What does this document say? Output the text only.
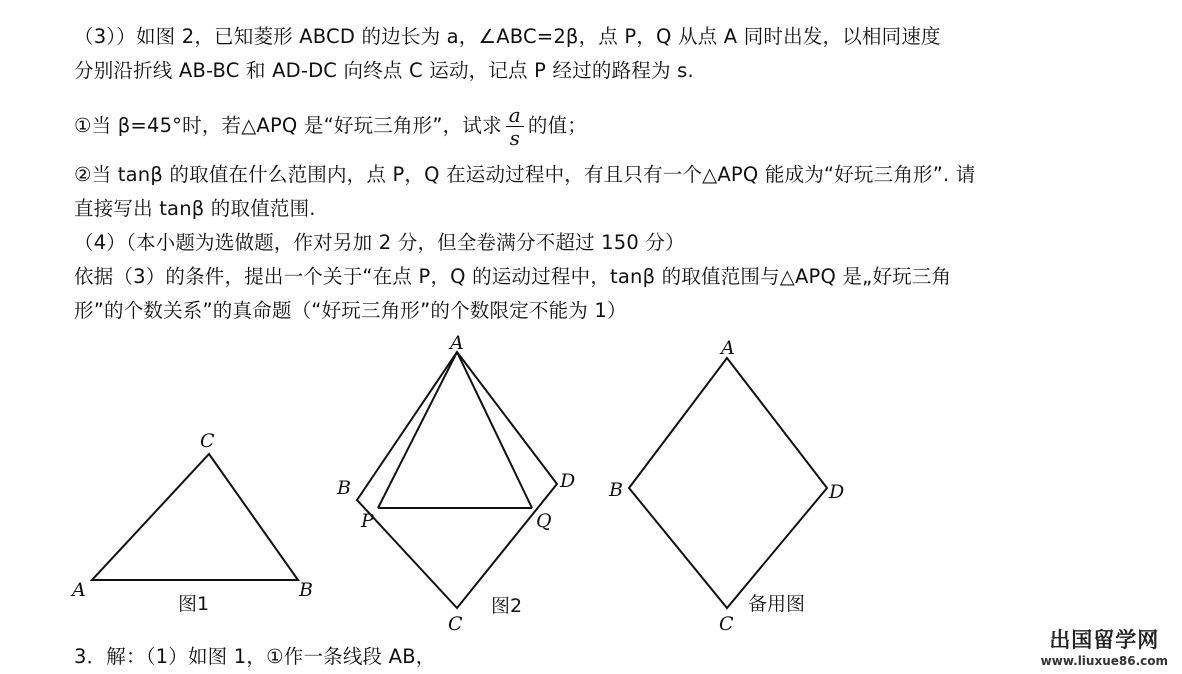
（3））如图 2，已知菱形 ABCD 的边长为 a，∠ABC=2β，点 P，Q 从点 A 同时出发，以相同速度
分别沿折线 AB-BC 和 AD-DC 向终点 C 运动，记点 P 经过的路程为 s.
①当 β=45°时，若△APQ 是“好玩三角形”，试求 $\frac{a}{s}$ 的值；
②当 tanβ 的取值在什么范围内，点 P，Q 在运动过程中，有且只有一个△APQ 能成为“好玩三角形”. 请
直接写出 tanβ 的取值范围.
（4）（本小题为选做题，作对另加 2 分，但全卷满分不超过 150 分）
依据（3）的条件，提出一个关于“在点 P，Q 的运动过程中，tanβ 的取值范围与△APQ 是„好玩三角
形”的个数关系”的真命题（“好玩三角形”的个数限定不能为 1）
3．解：（1）如图 1，①作一条线段 AB，
C
A	B
图1
A
B	D
P	Q
C
图2
A
B	D
C
备用图
出国留学网
www.liuxue86.com
